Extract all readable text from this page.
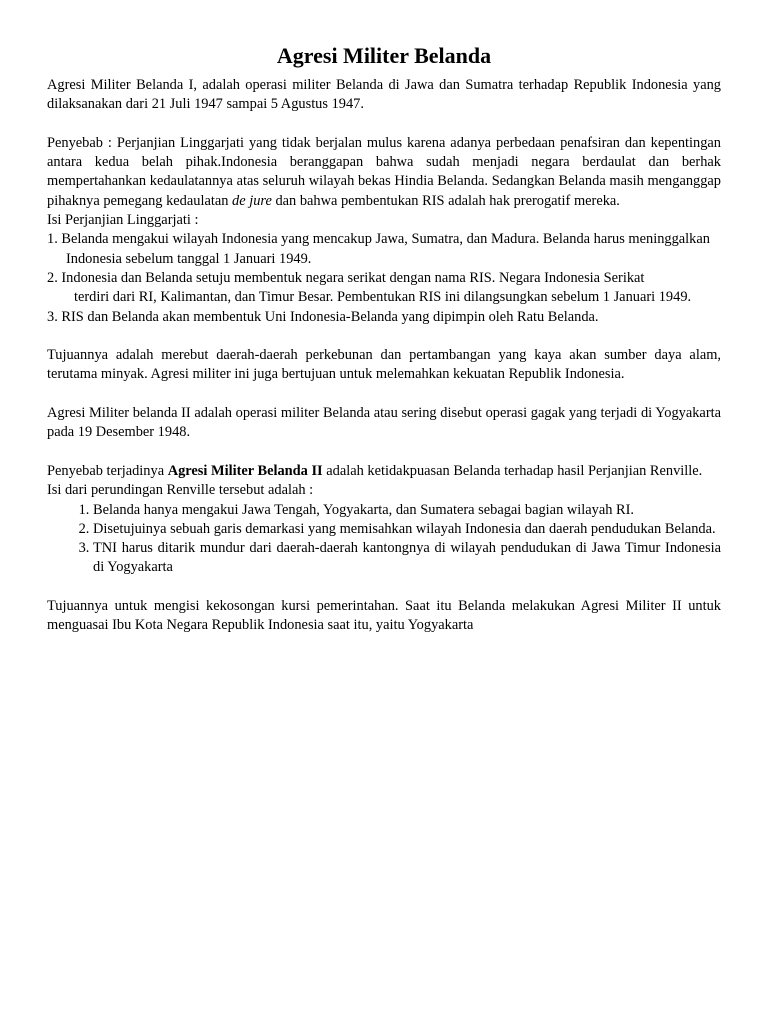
Agresi Militer Belanda

Agresi Militer Belanda I, adalah operasi militer Belanda di Jawa dan Sumatra terhadap Republik Indonesia yang dilaksanakan dari 21 Juli 1947 sampai 5 Agustus 1947.

Penyebab : Perjanjian Linggarjati yang tidak berjalan mulus karena adanya perbedaan penafsiran dan kepentingan antara kedua belah pihak.Indonesia beranggapan bahwa sudah menjadi negara berdaulat dan berhak mempertahankan kedaulatannya atas seluruh wilayah bekas Hindia Belanda. Sedangkan Belanda masih menganggap pihaknya pemegang kedaulatan de jure dan bahwa pembentukan RIS adalah hak prerogatif mereka.

Isi Perjanjian Linggarjati :

1. Belanda mengakui wilayah Indonesia yang mencakup Jawa, Sumatra, dan Madura. Belanda harus meninggalkan Indonesia sebelum tanggal 1 Januari 1949.

2. Indonesia dan Belanda setuju membentuk negara serikat dengan nama RIS. Negara Indonesia Serikat
terdiri dari RI, Kalimantan, dan Timur Besar. Pembentukan RIS ini dilangsungkan sebelum 1 Januari 1949.

3. RIS dan Belanda akan membentuk Uni Indonesia-Belanda yang dipimpin oleh Ratu Belanda.

Tujuannya adalah merebut daerah-daerah perkebunan dan pertambangan yang kaya akan sumber daya alam, terutama minyak. Agresi militer ini juga bertujuan untuk melemahkan kekuatan Republik Indonesia.

Agresi Militer belanda II adalah operasi militer Belanda atau sering disebut operasi gagak yang terjadi di Yogyakarta pada 19 Desember 1948.

Penyebab terjadinya Agresi Militer Belanda II adalah ketidakpuasan Belanda terhadap hasil Perjanjian Renville.

Isi dari perundingan Renville tersebut adalah :

1. Belanda hanya mengakui Jawa Tengah, Yogyakarta, dan Sumatera sebagai bagian wilayah RI.
2. Disetujuinya sebuah garis demarkasi yang memisahkan wilayah Indonesia dan daerah pendudukan Belanda.
3. TNI harus ditarik mundur dari daerah-daerah kantongnya di wilayah pendudukan di Jawa Timur Indonesia di Yogyakarta

Tujuannya untuk mengisi kekosongan kursi pemerintahan. Saat itu Belanda melakukan Agresi Militer II untuk menguasai Ibu Kota Negara Republik Indonesia saat itu, yaitu Yogyakarta
